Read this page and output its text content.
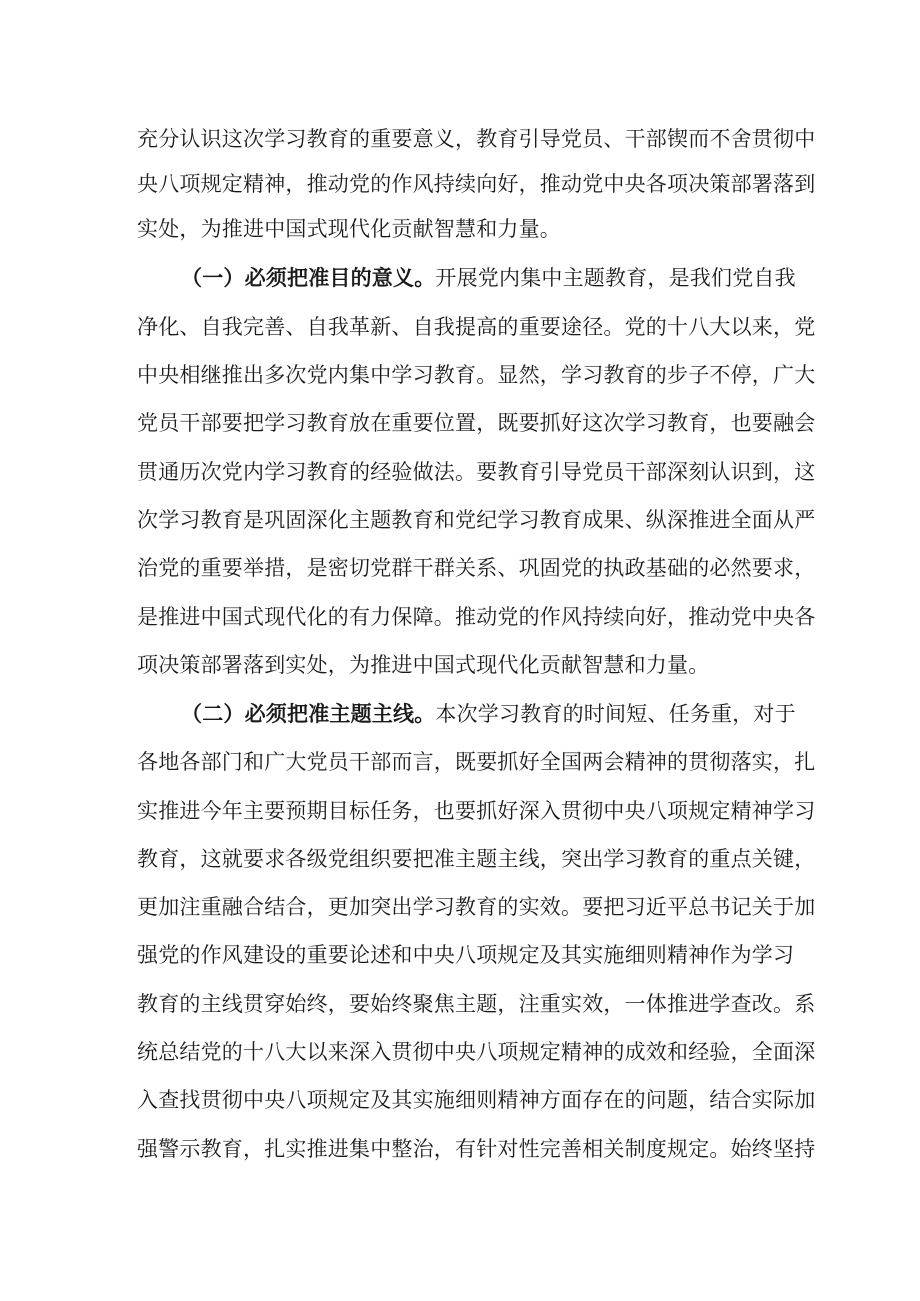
充分认识这次学习教育的重要意义，教育引导党员、干部锲而不舍贯彻中
央八项规定精神，推动党的作风持续向好，推动党中央各项决策部署落到
实处，为推进中国式现代化贡献智慧和力量。
（一）必须把准目的意义。开展党内集中主题教育，是我们党自我
净化、自我完善、自我革新、自我提高的重要途径。党的十八大以来，党
中央相继推出多次党内集中学习教育。显然，学习教育的步子不停，广大
党员干部要把学习教育放在重要位置，既要抓好这次学习教育，也要融会
贯通历次党内学习教育的经验做法。要教育引导党员干部深刻认识到，这
次学习教育是巩固深化主题教育和党纪学习教育成果、纵深推进全面从严
治党的重要举措，是密切党群干群关系、巩固党的执政基础的必然要求，
是推进中国式现代化的有力保障。推动党的作风持续向好，推动党中央各
项决策部署落到实处，为推进中国式现代化贡献智慧和力量。
（二）必须把准主题主线。本次学习教育的时间短、任务重，对于
各地各部门和广大党员干部而言，既要抓好全国两会精神的贯彻落实，扎
实推进今年主要预期目标任务，也要抓好深入贯彻中央八项规定精神学习
教育，这就要求各级党组织要把准主题主线，突出学习教育的重点关键，
更加注重融合结合，更加突出学习教育的实效。要把习近平总书记关于加
强党的作风建设的重要论述和中央八项规定及其实施细则精神作为学习
教育的主线贯穿始终，要始终聚焦主题，注重实效，一体推进学查改。系
统总结党的十八大以来深入贯彻中央八项规定精神的成效和经验，全面深
入查找贯彻中央八项规定及其实施细则精神方面存在的问题，结合实际加
强警示教育，扎实推进集中整治，有针对性完善相关制度规定。始终坚持
